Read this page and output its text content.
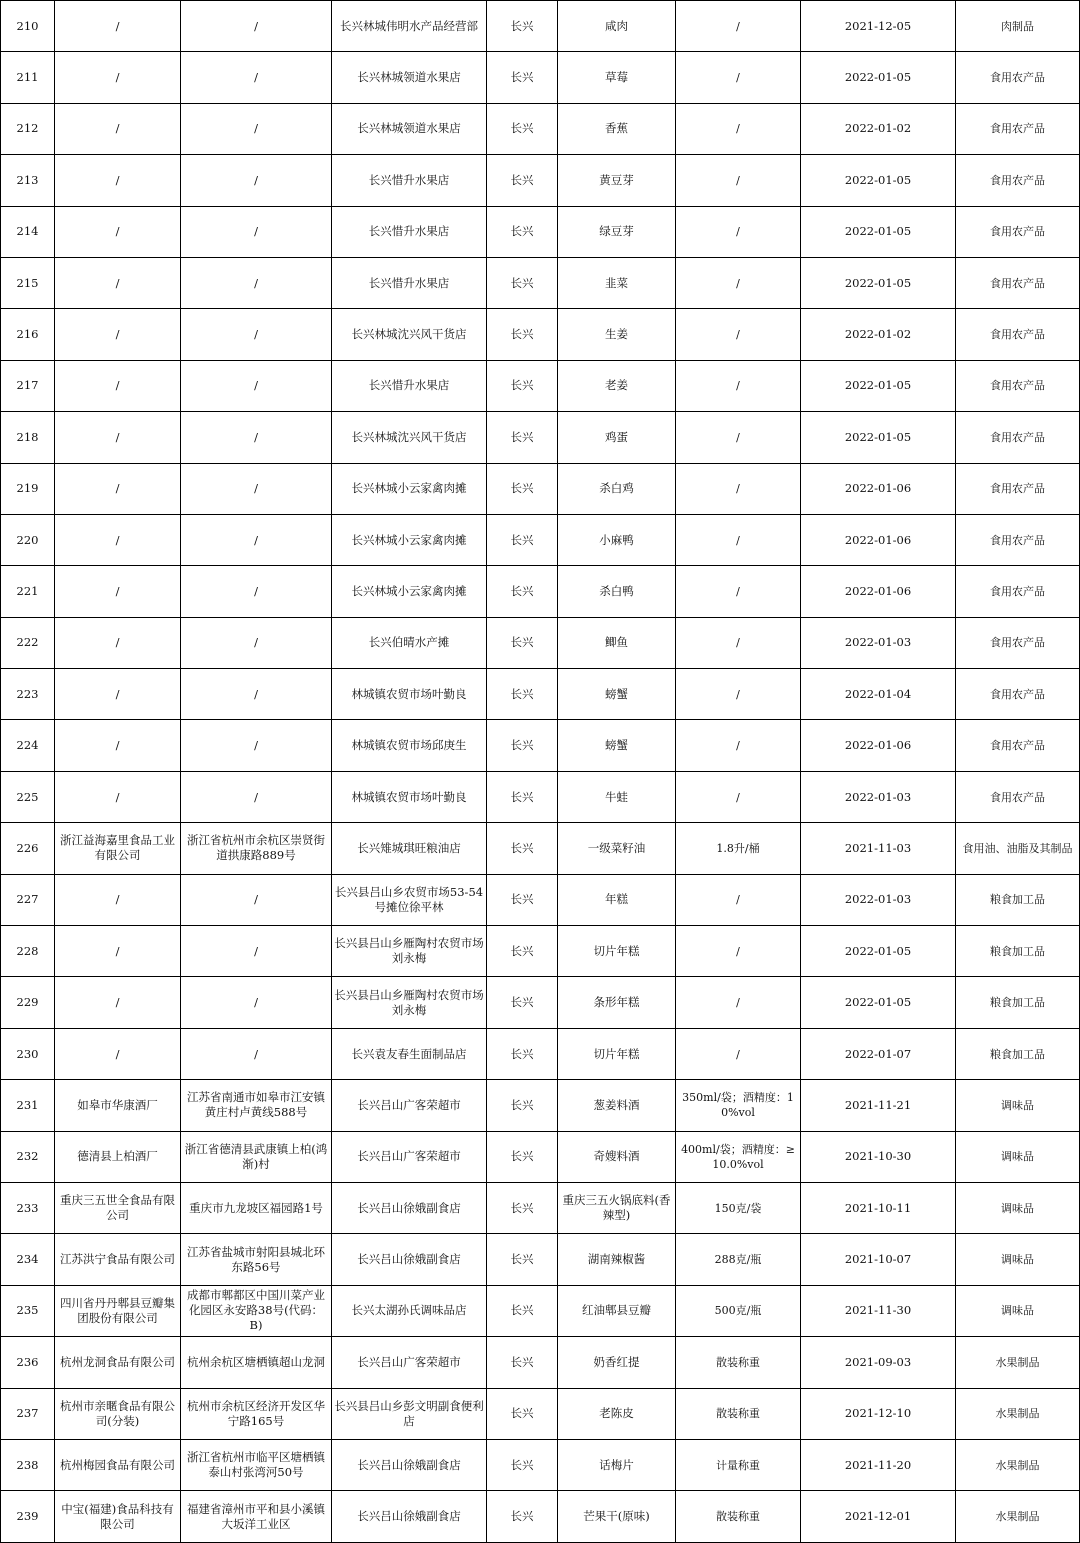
210	/	/	长兴林城伟明水产品经营部	长兴	咸肉	/	2021-12-05	肉制品
211	/	/	长兴林城领道水果店	长兴	草莓	/	2022-01-05	食用农产品
212	/	/	长兴林城领道水果店	长兴	香蕉	/	2022-01-02	食用农产品
213	/	/	长兴惜升水果店	长兴	黄豆芽	/	2022-01-05	食用农产品
214	/	/	长兴惜升水果店	长兴	绿豆芽	/	2022-01-05	食用农产品
215	/	/	长兴惜升水果店	长兴	韭菜	/	2022-01-05	食用农产品
216	/	/	长兴林城沈兴风干货店	长兴	生姜	/	2022-01-02	食用农产品
217	/	/	长兴惜升水果店	长兴	老姜	/	2022-01-05	食用农产品
218	/	/	长兴林城沈兴风干货店	长兴	鸡蛋	/	2022-01-05	食用农产品
219	/	/	长兴林城小云家禽肉摊	长兴	杀白鸡	/	2022-01-06	食用农产品
220	/	/	长兴林城小云家禽肉摊	长兴	小麻鸭	/	2022-01-06	食用农产品
221	/	/	长兴林城小云家禽肉摊	长兴	杀白鸭	/	2022-01-06	食用农产品
222	/	/	长兴伯晴水产摊	长兴	鲫鱼	/	2022-01-03	食用农产品
223	/	/	林城镇农贸市场叶勤良	长兴	螃蟹	/	2022-01-04	食用农产品
224	/	/	林城镇农贸市场邱庚生	长兴	螃蟹	/	2022-01-06	食用农产品
225	/	/	林城镇农贸市场叶勤良	长兴	牛蛙	/	2022-01-03	食用农产品
226	浙江益海嘉里食品工业有限公司	浙江省杭州市余杭区崇贤街道拱康路889号	长兴雉城琪旺粮油店	长兴	一级菜籽油	1.8升/桶	2021-11-03	食用油、油脂及其制品
227	/	/	长兴县吕山乡农贸市场53-54号摊位徐平林	长兴	年糕	/	2022-01-03	粮食加工品
228	/	/	长兴县吕山乡雁陶村农贸市场刘永梅	长兴	切片年糕	/	2022-01-05	粮食加工品
229	/	/	长兴县吕山乡雁陶村农贸市场刘永梅	长兴	条形年糕	/	2022-01-05	粮食加工品
230	/	/	长兴袁友春生面制品店	长兴	切片年糕	/	2022-01-07	粮食加工品
231	如皋市华康酒厂	江苏省南通市如皋市江安镇黄庄村卢黄线588号	长兴吕山广客荣超市	长兴	葱姜料酒	350ml/袋；酒精度：10%vol	2021-11-21	调味品
232	德清县上柏酒厂	浙江省德清县武康镇上柏(鸿渐)村	长兴吕山广客荣超市	长兴	奇嫂料酒	400ml/袋；酒精度：≥10.0%vol	2021-10-30	调味品
233	重庆三五世全食品有限公司	重庆市九龙坡区福园路1号	长兴吕山徐娥副食店	长兴	重庆三五火锅底料(香辣型)	150克/袋	2021-10-11	调味品
234	江苏洪宁食品有限公司	江苏省盐城市射阳县城北环东路56号	长兴吕山徐娥副食店	长兴	湖南辣椒酱	288克/瓶	2021-10-07	调味品
235	四川省丹丹郫县豆瓣集团股份有限公司	成都市郫都区中国川菜产业化园区永安路38号(代码：B)	长兴太湖孙氏调味品店	长兴	红油郫县豆瓣	500克/瓶	2021-11-30	调味品
236	杭州龙洞食品有限公司	杭州余杭区塘栖镇超山龙洞	长兴吕山广客荣超市	长兴	奶香红提	散装称重	2021-09-03	水果制品
237	杭州市亲暱食品有限公司(分装)	杭州市余杭区经济开发区华宁路165号	长兴县吕山乡彭文明副食便利店	长兴	老陈皮	散装称重	2021-12-10	水果制品
238	杭州梅园食品有限公司	浙江省杭州市临平区塘栖镇泰山村张湾河50号	长兴吕山徐娥副食店	长兴	话梅片	计量称重	2021-11-20	水果制品
239	中宝(福建)食品科技有限公司	福建省漳州市平和县小溪镇大坂洋工业区	长兴吕山徐娥副食店	长兴	芒果干(原味)	散装称重	2021-12-01	水果制品
